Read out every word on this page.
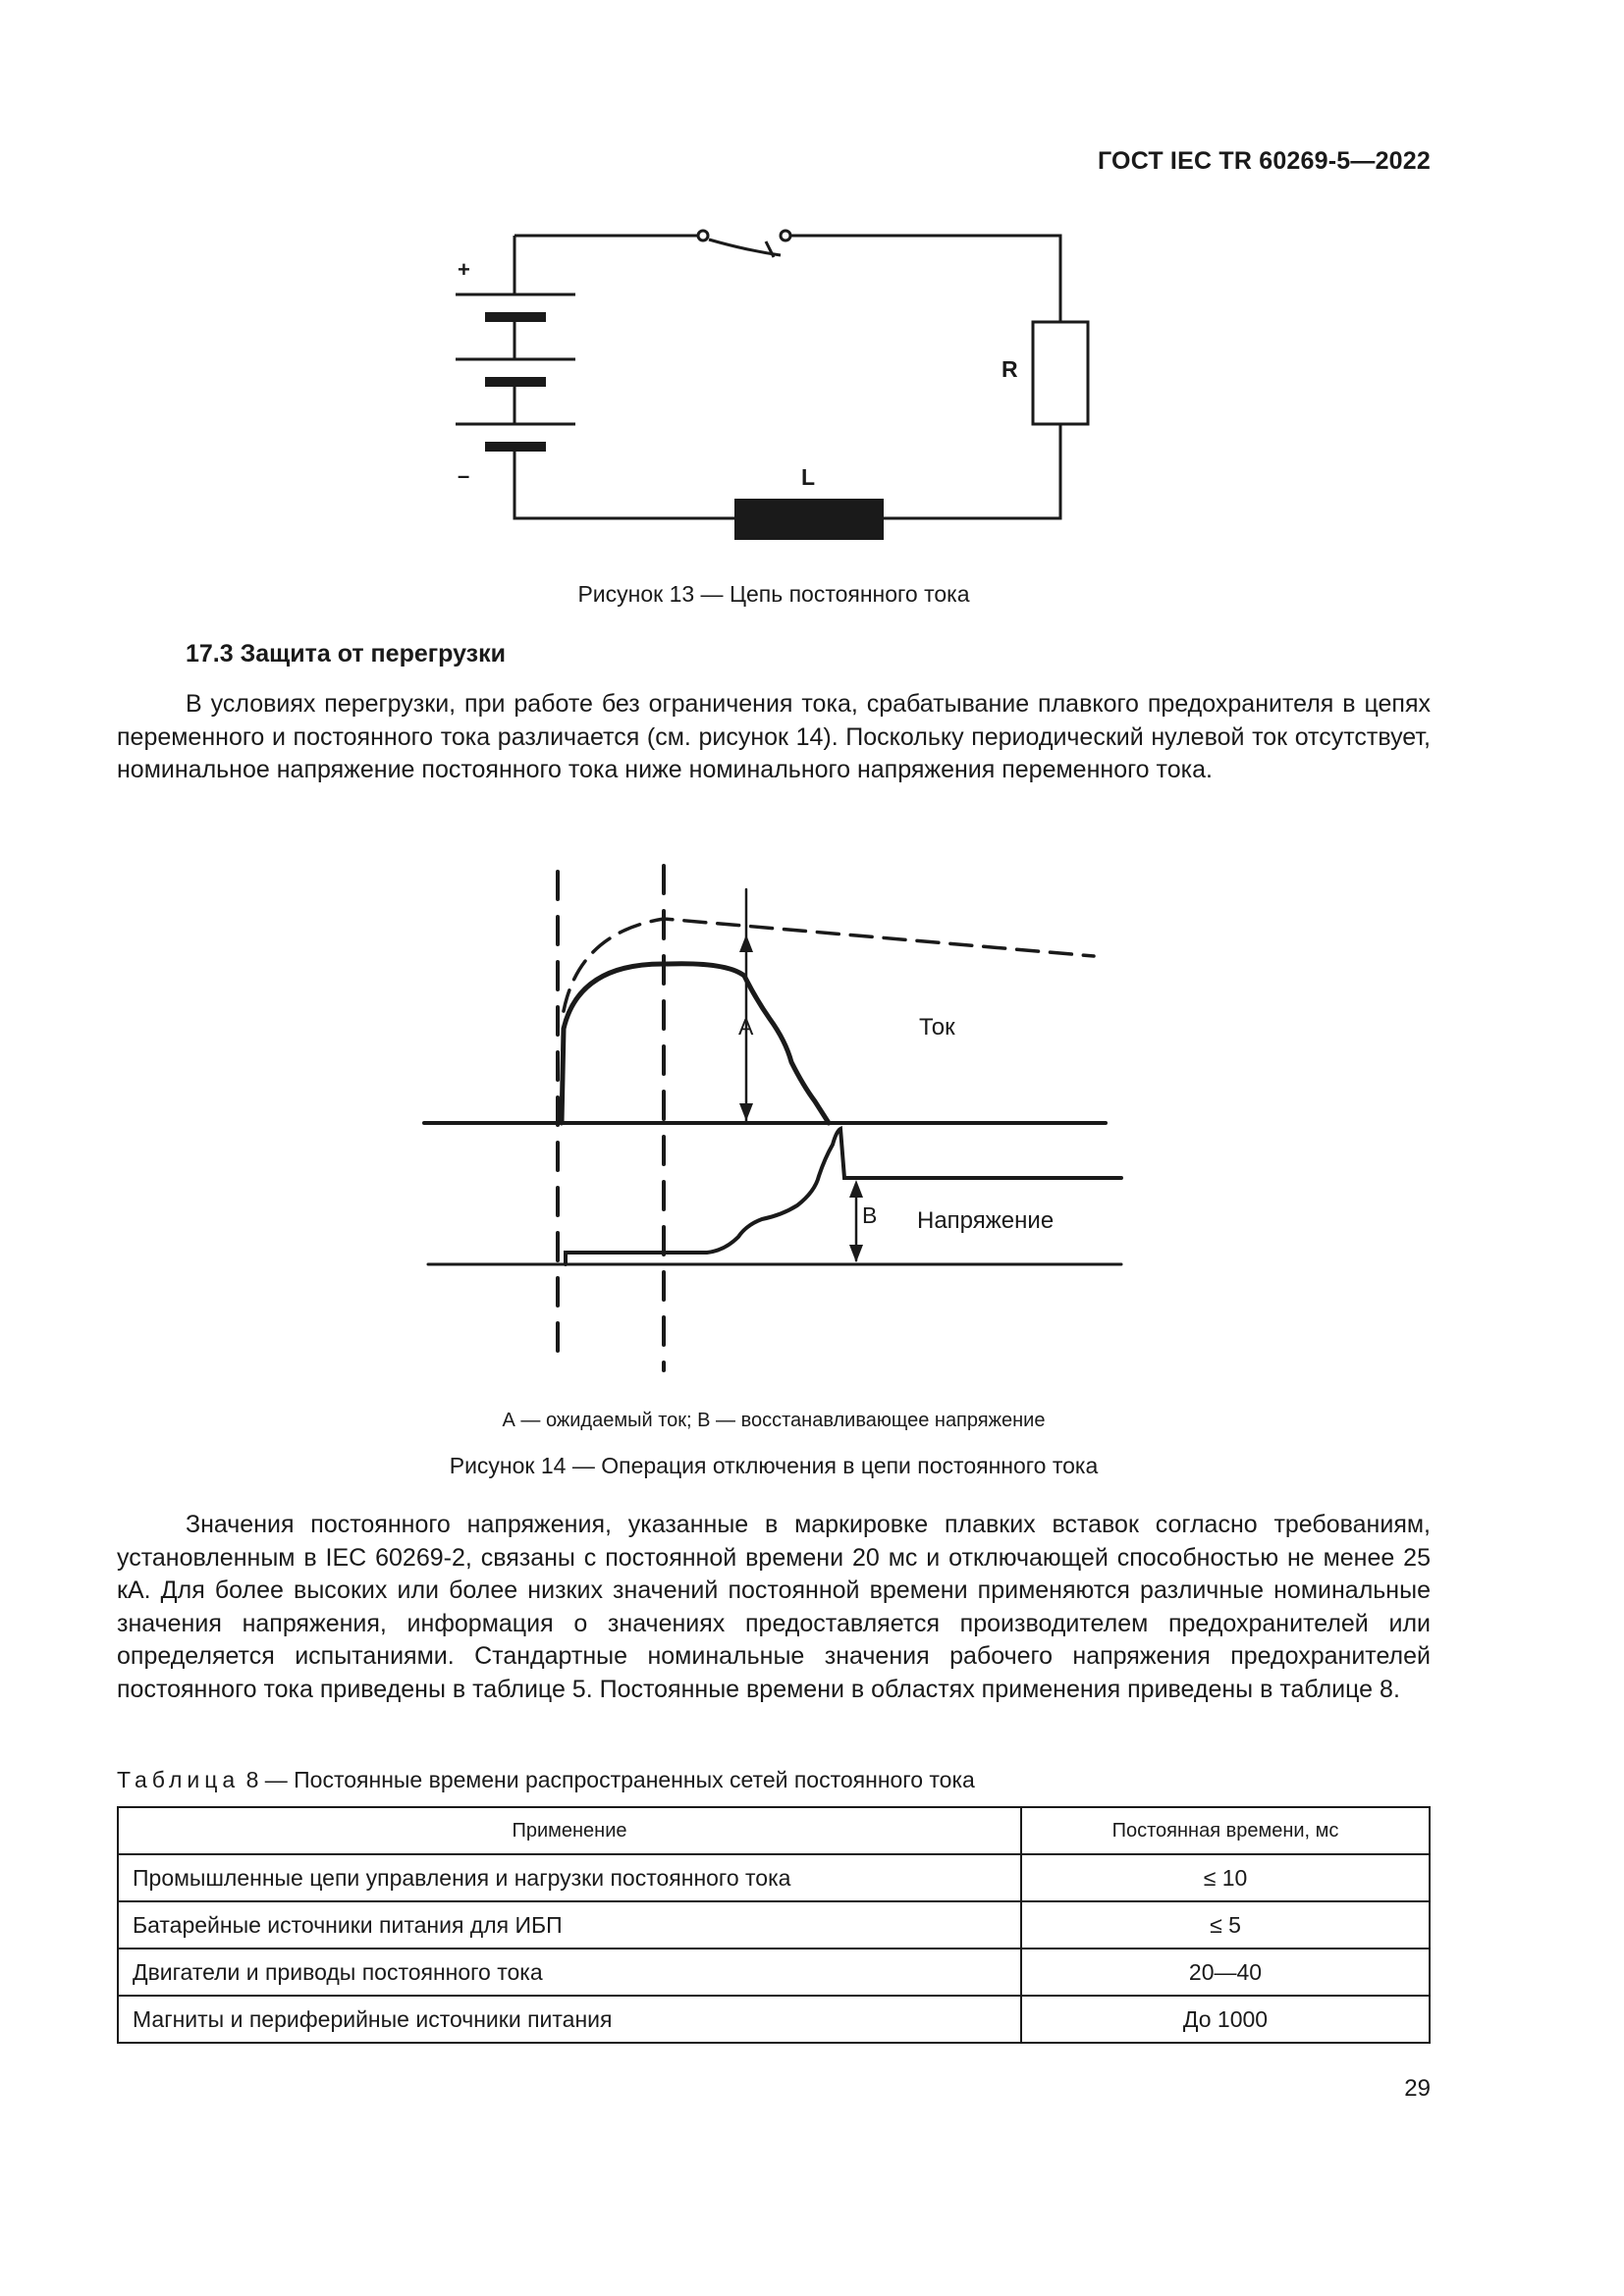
ГОСТ IEC TR 60269-5—2022
+
–
R
L
Рисунок 13 — Цепь постоянного тока
17.3 Защита от перегрузки

В условиях перегрузки, при работе без ограничения тока, срабатывание плавкого предохранителя в цепях переменного и постоянного тока различается (см. рисунок 14). Поскольку периодический нулевой ток отсутствует, номинальное напряжение постоянного тока ниже номинального напряжения переменного тока.

A	Ток
B Напряжение
А — ожидаемый ток; В — восстанавливающее напряжение
Рисунок 14 — Операция отключения в цепи постоянного тока

Значения постоянного напряжения, указанные в маркировке плавких вставок согласно требованиям, установленным в IEC 60269-2, связаны с постоянной времени 20 мс и отключающей способностью не менее 25 кА. Для более высоких или более низких значений постоянной времени применяются различные номинальные значения напряжения, информация о значениях предоставляется производителем предохранителей или определяется испытаниями. Стандартные номинальные значения рабочего напряжения предохранителей постоянного тока приведены в таблице 5. Постоянные времени в областях применения приведены в таблице 8.

Таблица 8 — Постоянные времени распространенных сетей постоянного тока
Применение	Постоянная времени, мс
Промышленные цепи управления и нагрузки постоянного тока	≤ 10
Батарейные источники питания для ИБП	≤ 5
Двигатели и приводы постоянного тока	20—40
Магниты и периферийные источники питания	До 1000
29
